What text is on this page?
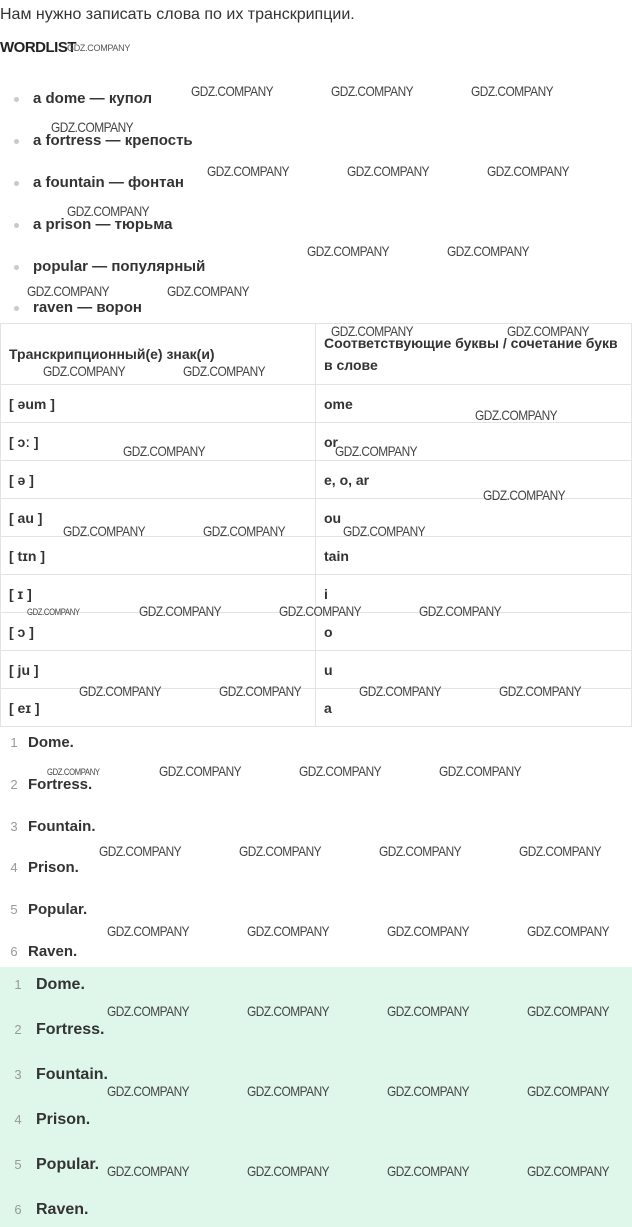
Нам нужно записать слова по их транскрипции.
WORDLIST
GDZ.COMPANY
a dome — купол
a fortress — крепость
a fountain — фонтан
a prison — тюрьма
popular — популярный
raven — ворон
Транскрипционный(е) знак(и)	Соответствующие буквы / сочетание букв в слове
[ əum ]	ome
[ ɔː ]	or
[ ə ]	e, o, ar
[ au ]	ou
[ tɪn ]	tain
[ ɪ ]	i
[ ɔ ]	o
[ ju ]	u
[ eɪ ]	a
1 Dome.
2 Fortress.
3 Fountain.
4 Prison.
5 Popular.
6 Raven.
1 Dome.
2 Fortress.
3 Fountain.
4 Prison.
5 Popular.
6 Raven.
GDZ.COMPANY	GDZ.COMPANY	GDZ.COMPANY
GDZ.COMPANY
GDZ.COMPANY	GDZ.COMPANY	GDZ.COMPANY
GDZ.COMPANY
GDZ.COMPANY	GDZ.COMPANY
GDZ.COMPANY	GDZ.COMPANY
GDZ.COMPANY	GDZ.COMPANY
GDZ.COMPANY	GDZ.COMPANY
GDZ.COMPANY
GDZ.COMPANY	GDZ.COMPANY
GDZ.COMPANY
GDZ.COMPANY	GDZ.COMPANY	GDZ.COMPANY
GDZ.COMPANY	GDZ.COMPANY	GDZ.COMPANY
GDZ.COMPANY	GDZ.COMPANY	GDZ.COMPANY	GDZ.COMPANY
GDZ.COMPANY	GDZ.COMPANY	GDZ.COMPANY
GDZ.COMPANY	GDZ.COMPANY	GDZ.COMPANY	GDZ.COMPANY
GDZ.COMPANY	GDZ.COMPANY	GDZ.COMPANY	GDZ.COMPANY
GDZ.COMPANY	GDZ.COMPANY	GDZ.COMPANY	GDZ.COMPANY
GDZ.COMPANY	GDZ.COMPANY	GDZ.COMPANY	GDZ.COMPANY
GDZ.COMPANY	GDZ.COMPANY	GDZ.COMPANY	GDZ.COMPANY
GDZ.COMPANY
GDZ.COMPANY
